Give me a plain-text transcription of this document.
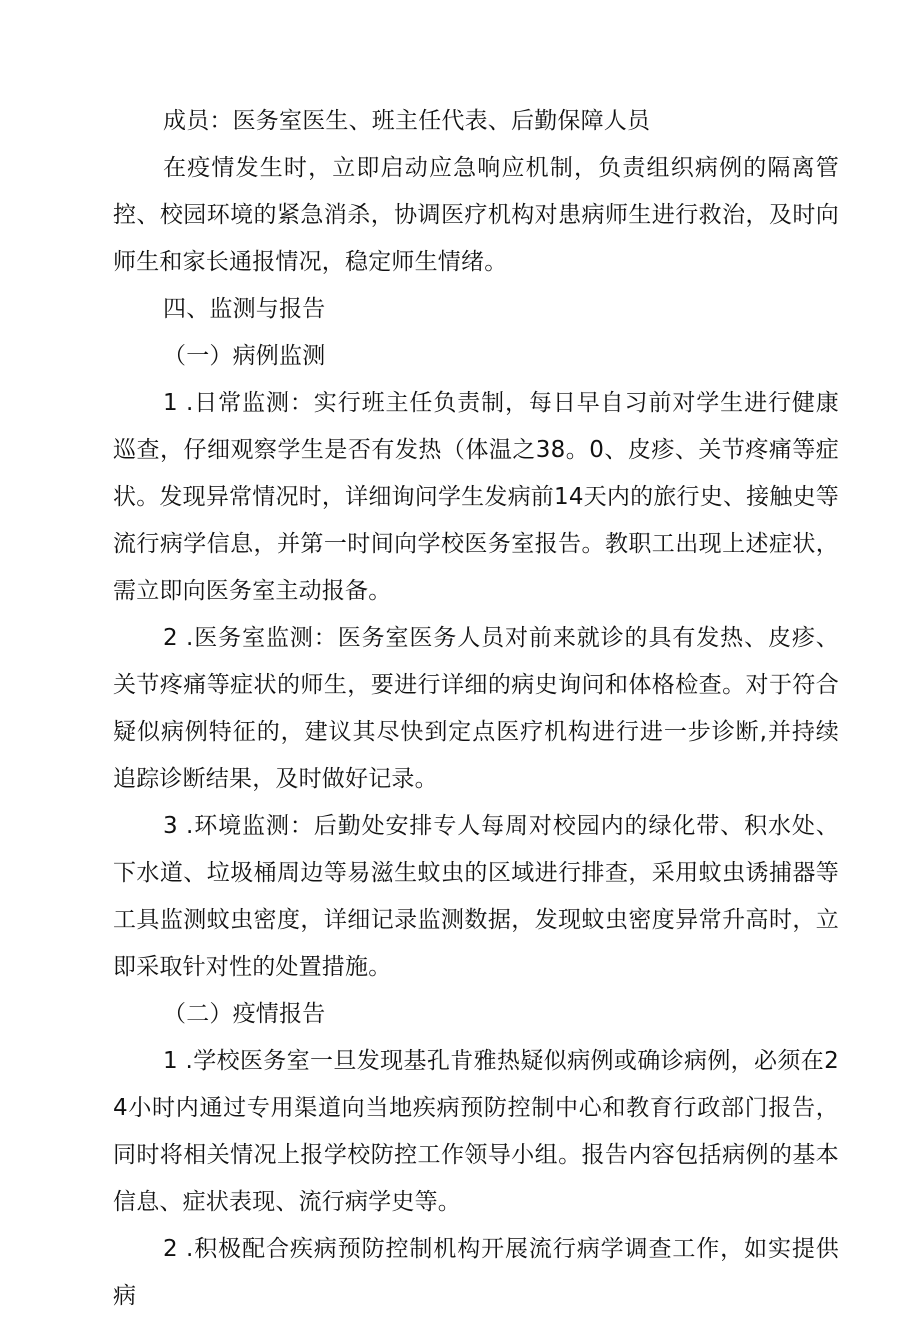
成员：医务室医生、班主任代表、后勤保障人员

在疫情发生时，立即启动应急响应机制，负责组织病例的隔离管控、校园环境的紧急消杀，协调医疗机构对患病师生进行救治，及时向师生和家长通报情况，稳定师生情绪。

四、监测与报告

（一）病例监测

1 .日常监测：实行班主任负责制，每日早自习前对学生进行健康巡查，仔细观察学生是否有发热（体温之38。0、皮疹、关节疼痛等症状。发现异常情况时，详细询问学生发病前14天内的旅行史、接触史等流行病学信息，并第一时间向学校医务室报告。教职工出现上述症状，需立即向医务室主动报备。

2 .医务室监测：医务室医务人员对前来就诊的具有发热、皮疹、关节疼痛等症状的师生，要进行详细的病史询问和体格检查。对于符合疑似病例特征的，建议其尽快到定点医疗机构进行进一步诊断,并持续追踪诊断结果，及时做好记录。

3 .环境监测：后勤处安排专人每周对校园内的绿化带、积水处、下水道、垃圾桶周边等易滋生蚊虫的区域进行排查，采用蚊虫诱捕器等工具监测蚊虫密度，详细记录监测数据，发现蚊虫密度异常升高时，立即采取针对性的处置措施。

（二）疫情报告

1 .学校医务室一旦发现基孔肯雅热疑似病例或确诊病例，必须在24小时内通过专用渠道向当地疾病预防控制中心和教育行政部门报告，同时将相关情况上报学校防控工作领导小组。报告内容包括病例的基本信息、症状表现、流行病学史等。

2 .积极配合疾病预防控制机构开展流行病学调查工作，如实提供病
